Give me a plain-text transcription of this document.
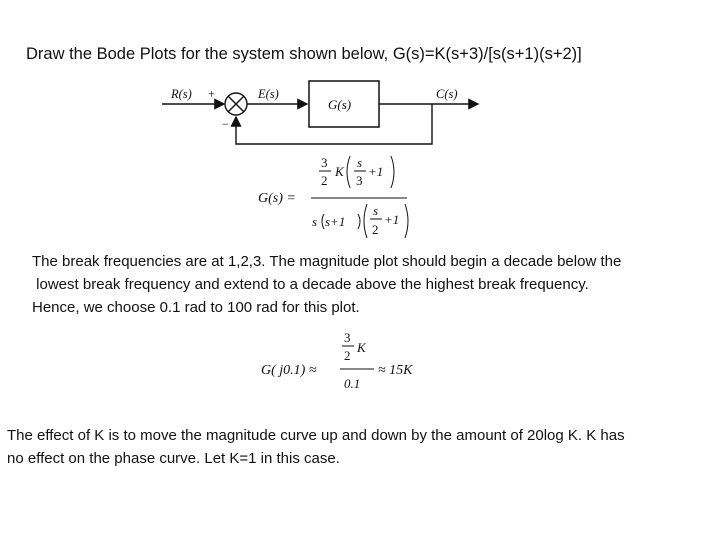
Draw the Bode Plots for the system shown below, G(s)=K(s+3)/[s(s+1)(s+2)]
R(s) +
−
E(s)
G(s)
C(s)
G(s) =
3
2
K
s
3
+1
s s+1
s
2
+1
The break frequencies are at 1,2,3. The magnitude plot should begin a decade below the
lowest break frequency and extend to a decade above the highest break frequency.
Hence, we choose 0.1 rad to 100 rad for this plot.
G( j0.1) ≈
3
2
K
0.1
≈ 15K
The effect of K is to move the magnitude curve up and down by the amount of 20log K. K has
no effect on the phase curve. Let K=1 in this case.
